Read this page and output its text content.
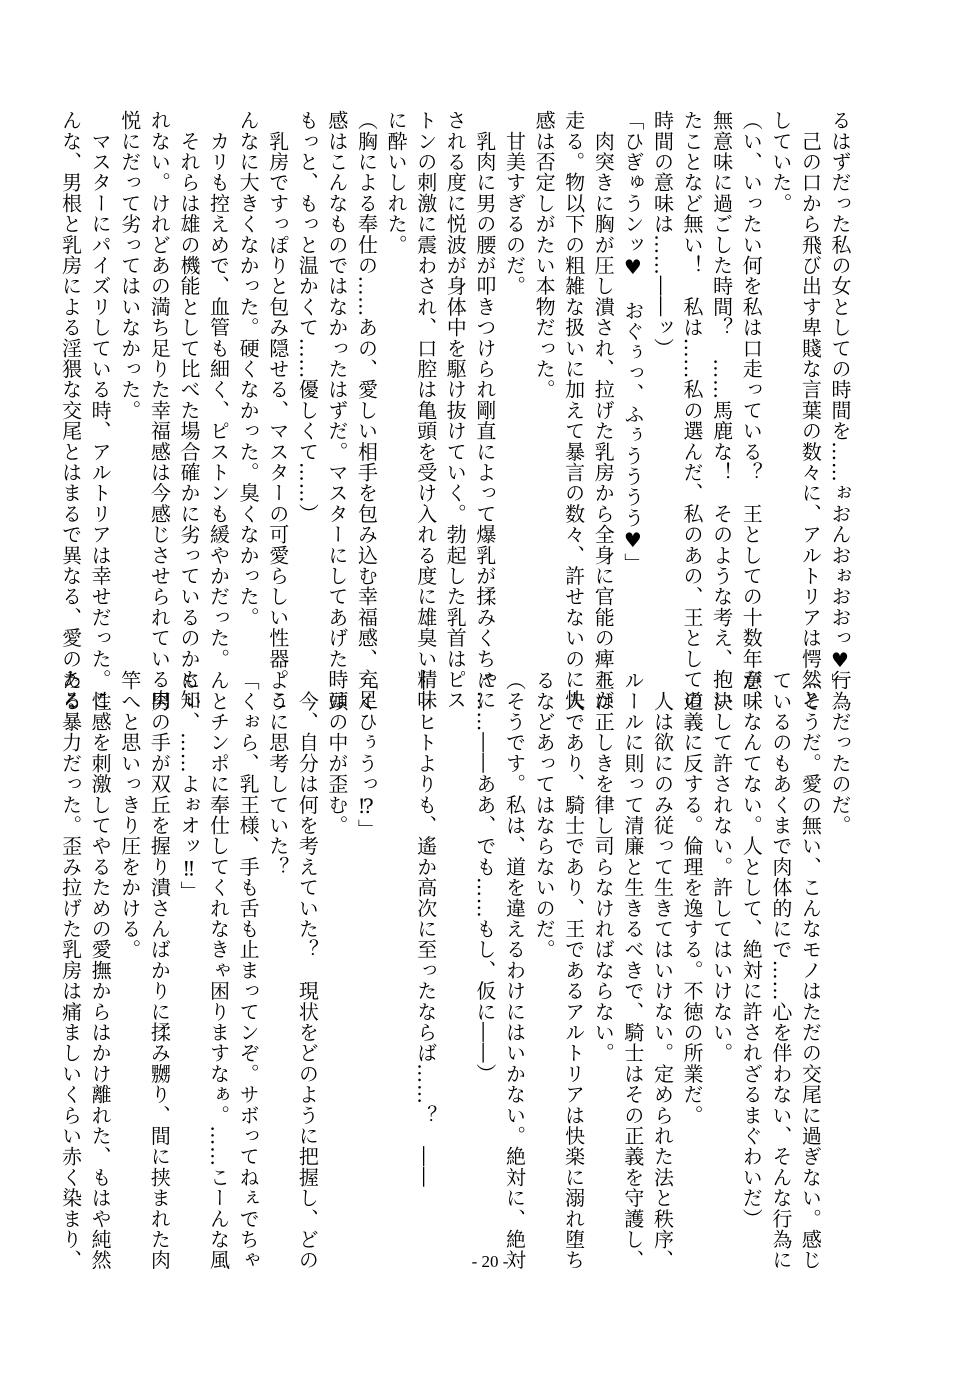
るはずだった私の女としての時間を……ぉおんおぉおおっ♥」

　己の口から飛び出す卑賤な言葉の数々に、アルトリアは愕然と

していた。

（い、いったい何を私は口走っている？　王としての十数年が、

無意味に過ごした時間？　……馬鹿な！　そのような考え、抱い

たことなど無い！　私は……私の選んだ、私のあの、王としての

時間の意味は……――ッ）

「ひぎゅうンッ♥　おぐぅっ、ふぅうううう♥」

　肉突きに胸が圧し潰され、拉げた乳房から全身に官能の痺れが

走る。物以下の粗雑な扱いに加えて暴言の数々、許せないのに快

感は否定しがたい本物だった。

　甘美すぎるのだ。

　乳肉に男の腰が叩きつけられ剛直によって爆乳が揉みくちゃに

される度に悦波が身体中を駆け抜けていく。勃起した乳首はピス

トンの刺激に震わされ、口腔は亀頭を受け入れる度に雄臭い精味

に酔いしれた。

（胸による奉仕の……あの、愛しい相手を包み込む幸福感、充足

感はこんなものではなかったはずだ。マスターにしてあげた時は

もっと、もっと温かくて……優しくて……）

　乳房ですっぽりと包み隠せる、マスターの可愛らしい性器。こ

んなに大きくなかった。硬くなかった。臭くなかった。

　カリも控えめで、血管も細く、ピストンも緩やかだった。

　それらは雄の機能として比べた場合確かに劣っているのかも知

れない。けれどあの満ち足りた幸福感は今感じさせられている肉

悦にだって劣ってはいなかった。

　マスターにパイズリしている時、アルトリアは幸せだった。こ

んな、男根と乳房による淫猥な交尾とはまるで異なる、愛のある

行為だったのだ。

（そうだ。愛の無い、こんなモノはただの交尾に過ぎない。感じ

ているのもあくまで肉体的にで……心を伴わない、そんな行為に

意味なんてない。人として、絶対に許されざるまぐわいだ）

　決して許されない。許してはいけない。

　道義に反する。倫理を逸する。不徳の所業だ。

　人は欲にのみ従って生きてはいけない。定められた法と秩序、

ルールに則って清廉と生きるべきで、騎士はその正義を守護し、

王は正しきを律し司らなければならない。

　人であり、騎士であり、王であるアルトリアは快楽に溺れ堕ち

るなどあってはならないのだ。

（そうです。私は、道を違えるわけにはいかない。絶対に、絶対

に……――ああ、でも……もし、仮に――）

――ヒトよりも、遙か高次に至ったならば……？　――

「くひぅうっ⁉」

　頭の中が歪む。

　今、自分は何を考えていた？　現状をどのように把握し、どの

ように思考していた？

「くぉら、乳王様、手も舌も止まってンぞ。サボってねぇでちゃ

んとチンポに奉仕してくれなきゃ困りますなぁ。……こーんな風

にぃ、……よぉオッ‼」

　男の手が双丘を握り潰さんばかりに揉み嬲り、間に挟まれた肉

竿へと思いっきり圧をかける。

　性感を刺激してやるための愛撫からはかけ離れた、もはや純然

たる暴力だった。歪み拉げた乳房は痛ましいくらい赤く染まり、	- 20 -
